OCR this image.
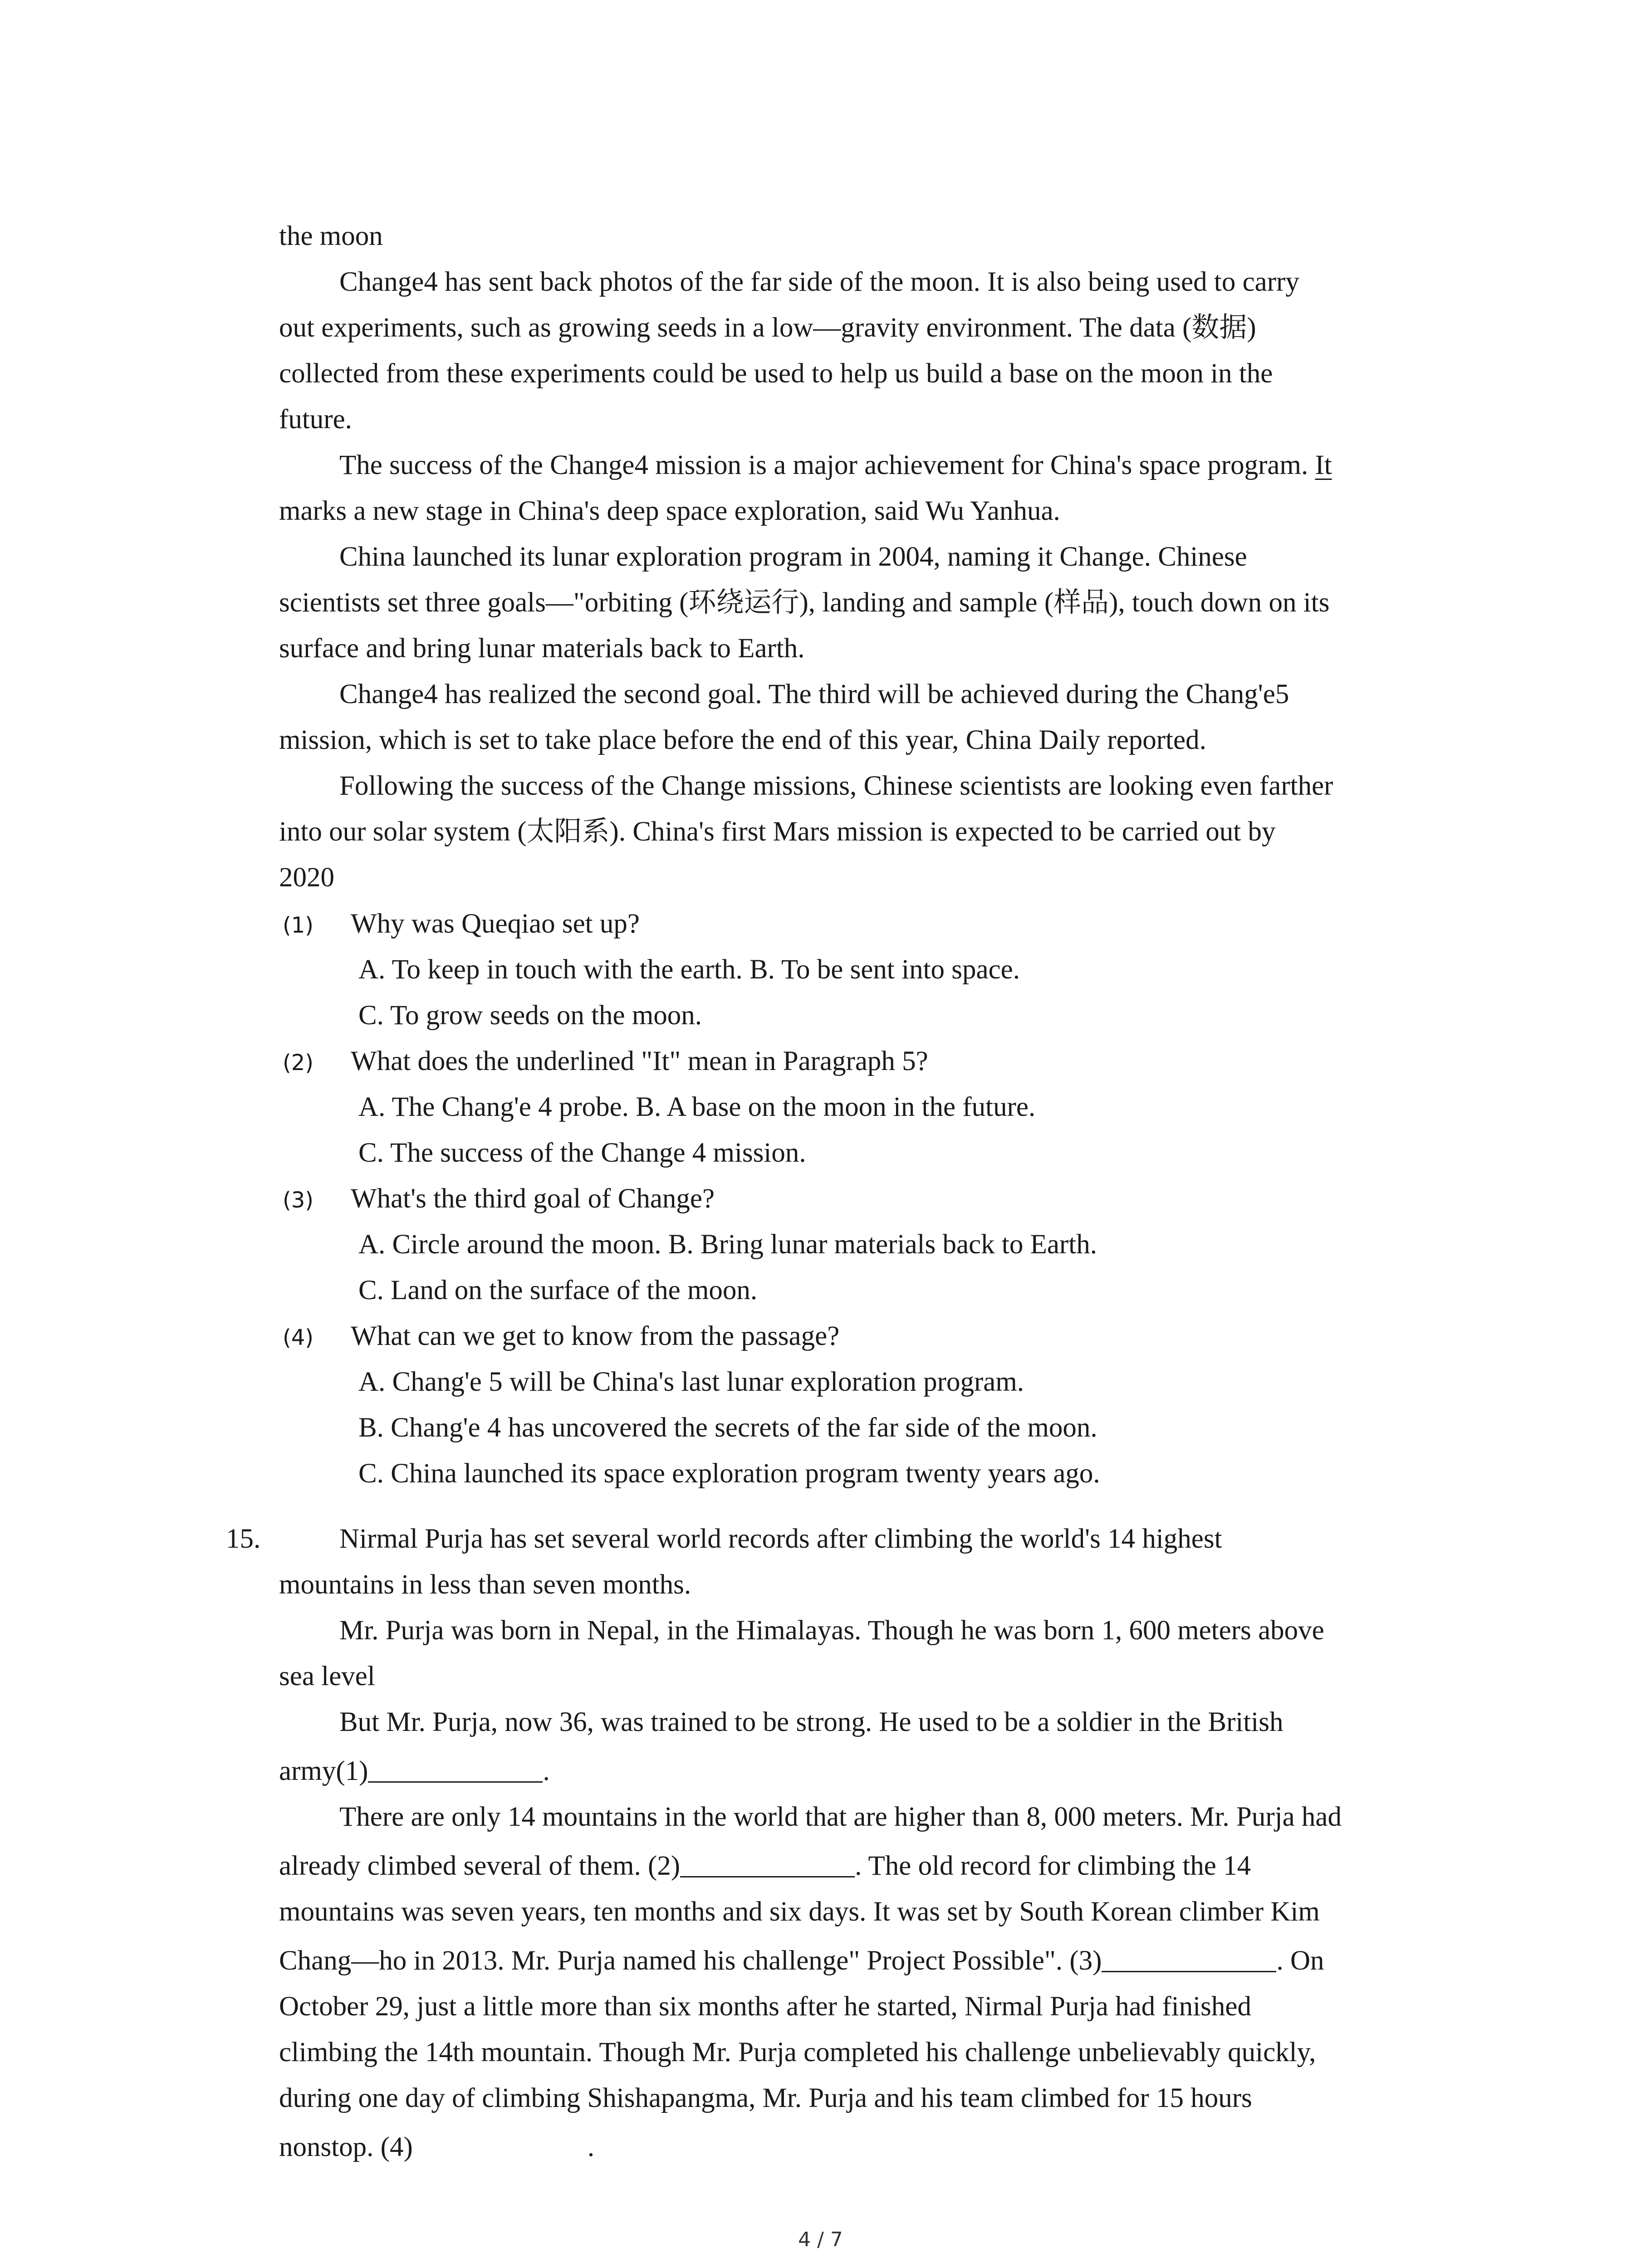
the moon
Change4 has sent back photos of the far side of the moon. It is also being used to carry
out experiments, such as growing seeds in a low—gravity environment. The data (数据)
collected from these experiments could be used to help us build a base on the moon in the
future.
The success of the Change4 mission is a major achievement for China's space program. It
marks a new stage in China's deep space exploration, said Wu Yanhua.
China launched its lunar exploration program in 2004, naming it Change. Chinese
scientists set three goals—"orbiting (环绕运行), landing and sample (样品), touch down on its
surface and bring lunar materials back to Earth.
Change4 has realized the second goal. The third will be achieved during the Chang'e5
mission, which is set to take place before the end of this year, China Daily reported.
Following the success of the Change missions, Chinese scientists are looking even farther
into our solar system (太阳系). China's first Mars mission is expected to be carried out by
2020
(1) Why was Queqiao set up?
A. To keep in touch with the earth. B. To be sent into space.
C. To grow seeds on the moon.
(2) What does the underlined "It" mean in Paragraph 5?
A. The Chang'e 4 probe. B. A base on the moon in the future.
C. The success of the Change 4 mission.
(3) What's the third goal of Change?
A. Circle around the moon. B. Bring lunar materials back to Earth.
C. Land on the surface of the moon.
(4) What can we get to know from the passage?
A. Chang'e 5 will be China's last lunar exploration program.
B. Chang'e 4 has uncovered the secrets of the far side of the moon.
C. China launched its space exploration program twenty years ago.
15.	Nirmal Purja has set several world records after climbing the world's 14 highest
mountains in less than seven months.
Mr. Purja was born in Nepal, in the Himalayas. Though he was born 1, 600 meters above
sea level
But Mr. Purja, now 36, was trained to be strong. He used to be a soldier in the British
army(1)	.
There are only 14 mountains in the world that are higher than 8, 000 meters. Mr. Purja had
already climbed several of them. (2)	. The old record for climbing the 14
mountains was seven years, ten months and six days. It was set by South Korean climber Kim
Chang—ho in 2013. Mr. Purja named his challenge" Project Possible". (3)	. On
October 29, just a little more than six months after he started, Nirmal Purja had finished
climbing the 14th mountain. Though Mr. Purja completed his challenge unbelievably quickly,
during one day of climbing Shishapangma, Mr. Purja and his team climbed for 15 hours
nonstop. (4)	.
4 / 7
